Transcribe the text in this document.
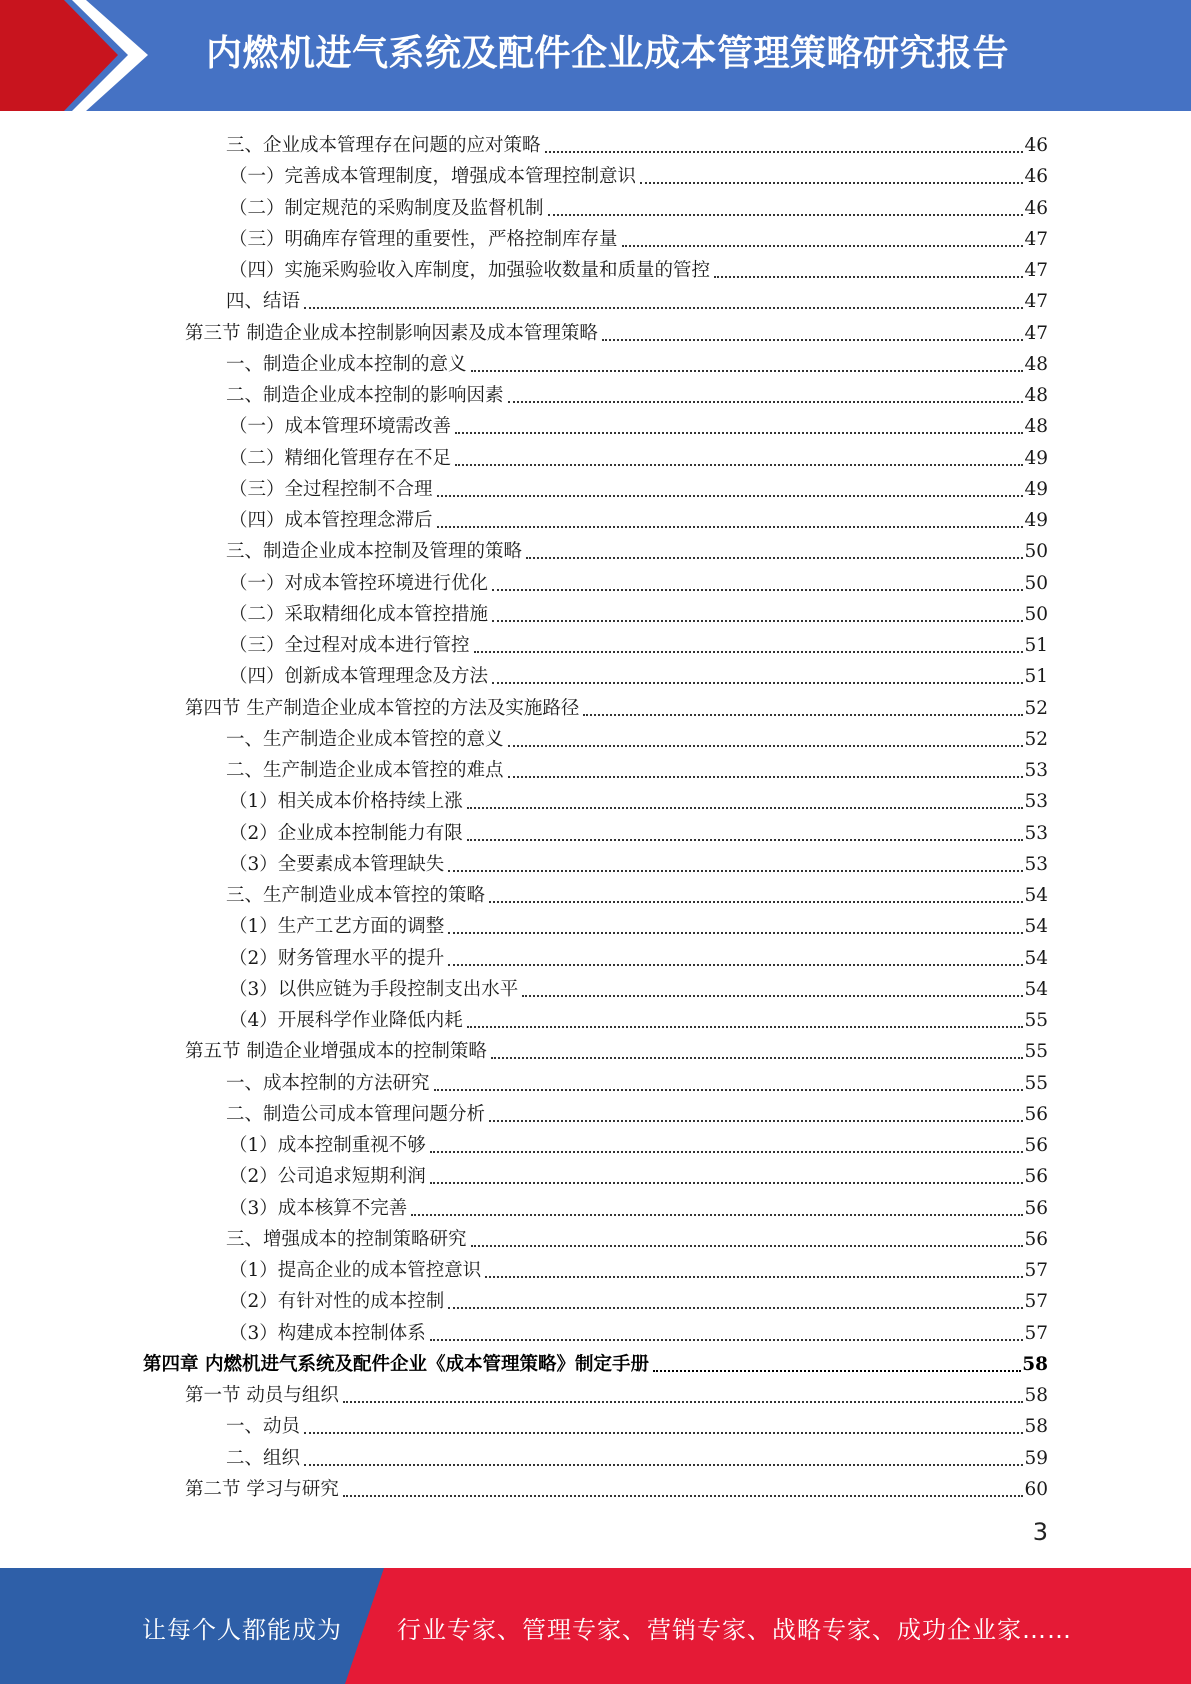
内燃机进气系统及配件企业成本管理策略研究报告
三、企业成本管理存在问题的应对策略	46
（一）完善成本管理制度，增强成本管理控制意识	46
（二）制定规范的采购制度及监督机制	46
（三）明确库存管理的重要性，严格控制库存量	47
（四）实施采购验收入库制度，加强验收数量和质量的管控	47
四、结语	47
第三节 制造企业成本控制影响因素及成本管理策略	47
一、制造企业成本控制的意义	48
二、制造企业成本控制的影响因素	48
（一）成本管理环境需改善	48
（二）精细化管理存在不足	49
（三）全过程控制不合理	49
（四）成本管控理念滞后	49
三、制造企业成本控制及管理的策略	50
（一）对成本管控环境进行优化	50
（二）采取精细化成本管控措施	50
（三）全过程对成本进行管控	51
（四）创新成本管理理念及方法	51
第四节 生产制造企业成本管控的方法及实施路径	52
一、生产制造企业成本管控的意义	52
二、生产制造企业成本管控的难点	53
（1）相关成本价格持续上涨	53
（2）企业成本控制能力有限	53
（3）全要素成本管理缺失	53
三、生产制造业成本管控的策略	54
（1）生产工艺方面的调整	54
（2）财务管理水平的提升	54
（3）以供应链为手段控制支出水平	54
（4）开展科学作业降低内耗	55
第五节 制造企业增强成本的控制策略	55
一、成本控制的方法研究	55
二、制造公司成本管理问题分析	56
（1）成本控制重视不够	56
（2）公司追求短期利润	56
（3）成本核算不完善	56
三、增强成本的控制策略研究	56
（1）提高企业的成本管控意识	57
（2）有针对性的成本控制	57
（3）构建成本控制体系	57
第四章 内燃机进气系统及配件企业《成本管理策略》制定手册	58
第一节 动员与组织	58
一、动员	58
二、组织	59
第二节 学习与研究	60
3
让每个人都能成为 行业专家、管理专家、营销专家、战略专家、成功企业家……
